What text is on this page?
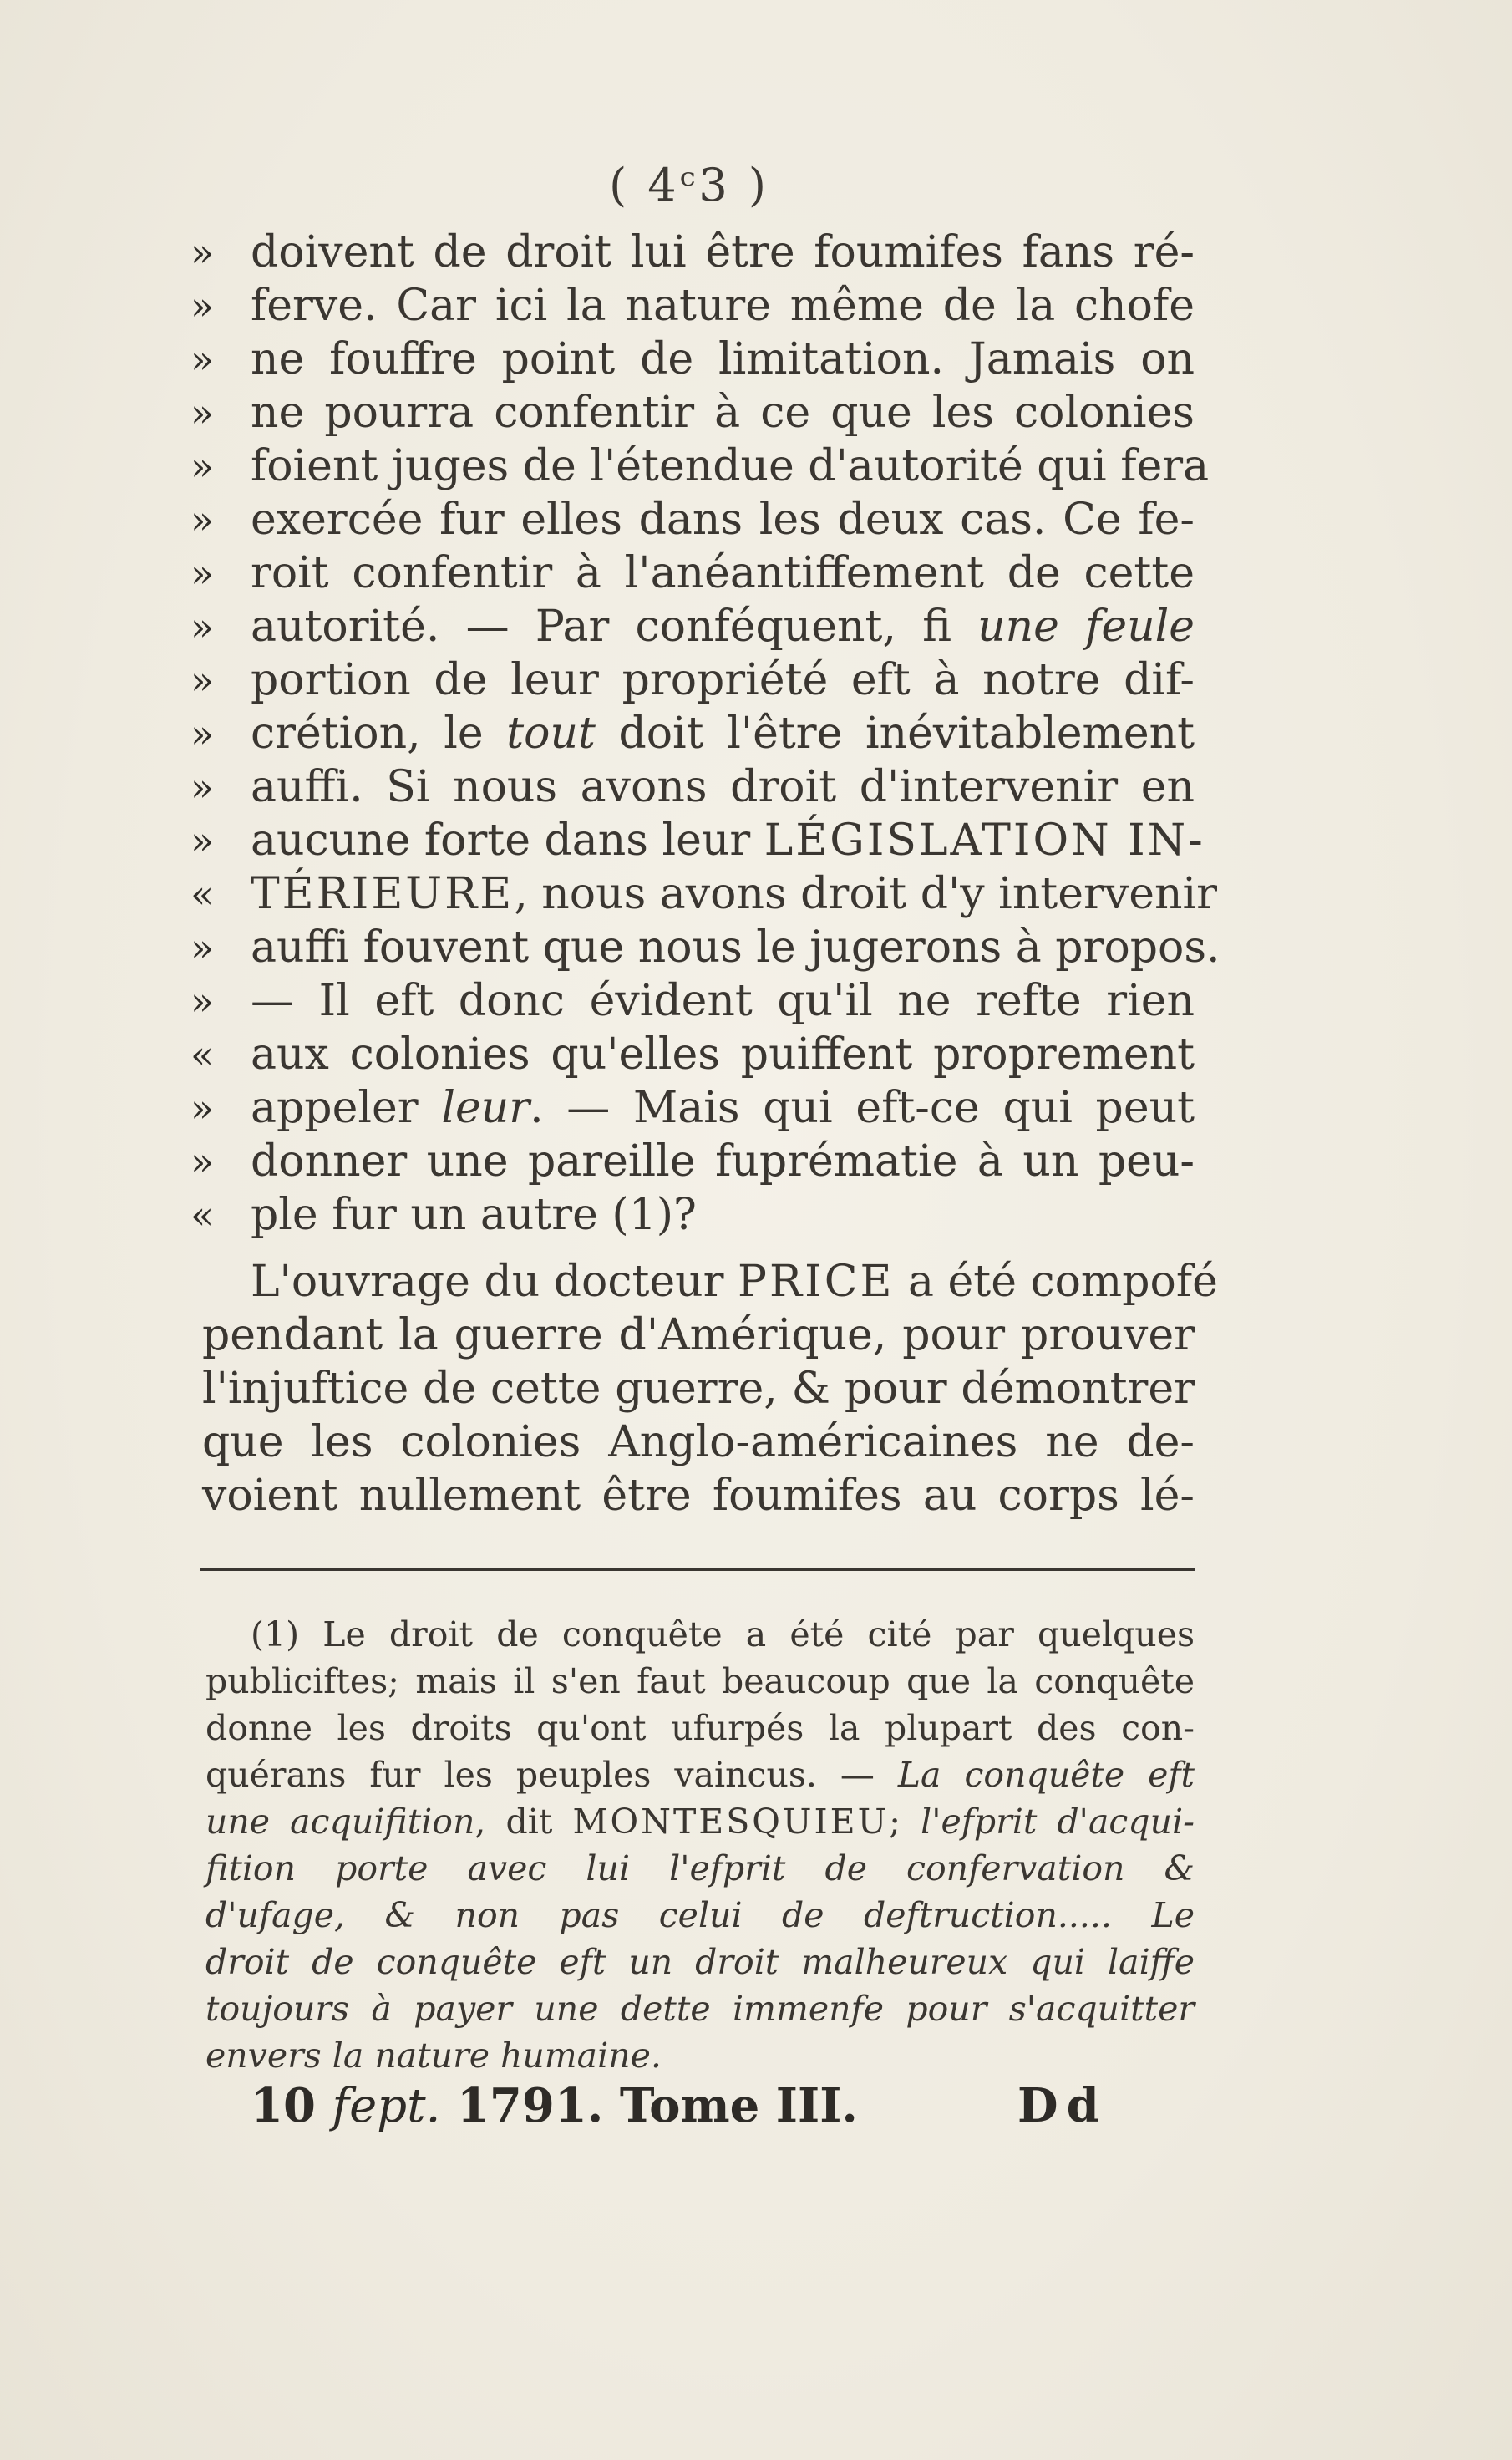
( 4ᶜ3 )
» doivent de droit lui être foumifes fans ré-
» ferve. Car ici la nature même de la chofe
» ne fouffre point de limitation. Jamais on
» ne pourra confentir à ce que les colonies
» foient juges de l'étendue d'autorité qui fera
» exercée fur elles dans les deux cas. Ce fe-
» roit confentir à l'anéantiffement de cette
» autorité. — Par conféquent, fi une feule
» portion de leur propriété eft à notre dif-
» crétion, le tout doit l'être inévitablement
» auffi. Si nous avons droit d'intervenir en
» aucune forte dans leur LÉGISLATION IN-
« TÉRIEURE, nous avons droit d'y intervenir
» auffi fouvent que nous le jugerons à propos.
» — Il eft donc évident qu'il ne refte rien
« aux colonies qu'elles puiffent proprement
» appeler leur. — Mais qui eft-ce qui peut
» donner une pareille fuprématie à un peu-
« ple fur un autre (1)?
L'ouvrage du docteur PRICE a été compofé
pendant la guerre d'Amérique, pour prouver
l'injuftice de cette guerre, & pour démontrer
que les colonies Anglo-américaines ne de-
voient nullement être foumifes au corps lé-
(1) Le droit de conquête a été cité par quelques
publiciftes; mais il s'en faut beaucoup que la conquête
donne les droits qu'ont ufurpés la plupart des con-
quérans fur les peuples vaincus. — La conquête eft
une acquifition, dit MONTESQUIEU; l'efprit d'acqui-
fition porte avec lui l'efprit de confervation &
d'ufage, & non pas celui de deftruction..... Le
droit de conquête eft un droit malheureux qui laiffe
toujours à payer une dette immenfe pour s'acquitter
envers la nature humaine.
10 fept. 1791. Tome III.	Dd
